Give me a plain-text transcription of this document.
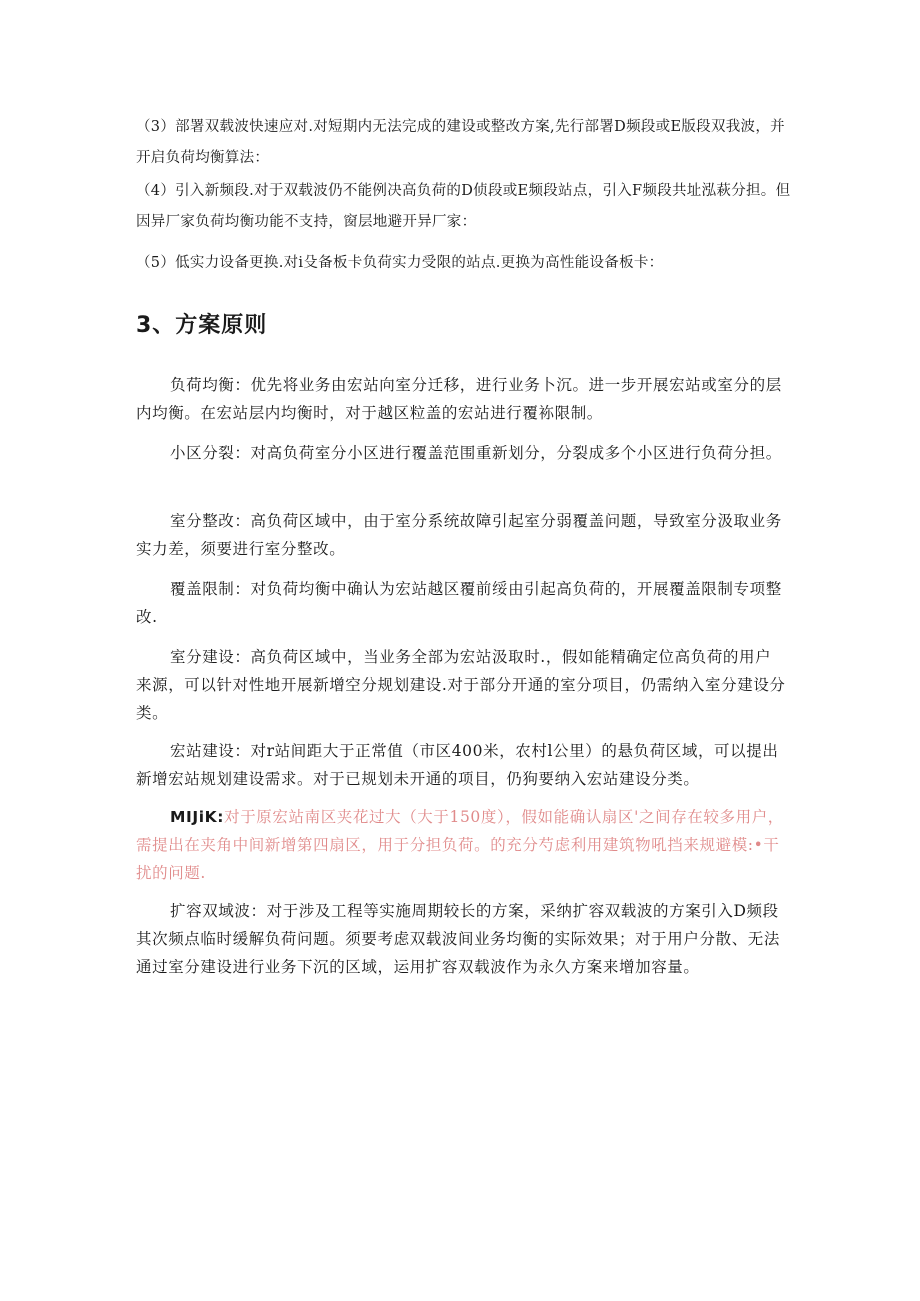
（3）部署双载波快速应对.对短期内无法完成的建设或整改方案,先行部署D频段或E版段双我波，并开启负荷均衡算法：
（4）引入新频段.对于双载波仍不能例决高负荷的D侦段或E频段站点，引入F频段共址泓萩分担。但因异厂家负荷均衡功能不支持，窗层地避开异厂家：
（5）低实力设备更换.对i殳备板卡负荷实力受限的站点.更换为高性能设备板卡：
3、方案原则

负荷均衡：优先将业务由宏站向室分迁移，进行业务卜沉。进一步开展宏站或室分的层内均衡。在宏站层内均衡时，对于越区粒盖的宏站进行覆袮限制。

小区分裂：对高负荷室分小区进行覆盖范围重新划分，分裂成多个小区进行负荷分担。

室分整改：高负荷区域中，由于室分系统故障引起室分弱覆盖问题，导致室分汲取业务实力差，须要进行室分整改。

覆盖限制：对负荷均衡中确认为宏站越区覆前绥由引起高负荷的，开展覆盖限制专项整改.

室分建设：高负荷区域中，当业务全部为宏站汲取时.，假如能精确定位高负荷的用户来源，可以针对性地开展新增空分规划建设.对于部分开通的室分项目，仍需纳入室分建设分类。

宏站建设：对r站间距大于正常值（市区400米，农村l公里）的悬负荷区域，可以提出新增宏站规划建设需求。对于已规划未开通的项目，仍狗要纳入宏站建设分类。

MIJiK:对于原宏站南区夹花过大（大于150度），假如能确认扇区'之间存在较多用户，需提出在夹角中间新增第四扇区，用于分担负荷。的充分芍虑利用建筑物吼挡来规避模:•干扰的问题.

扩容双域波：对于涉及工程等实施周期较长的方案，采纳扩容双载波的方案引入D频段其次频点临时缓解负荷问题。须要考虑双载波间业务均衡的实际效果；对于用户分散、无法通过室分建设进行业务下沉的区域，运用扩容双载波作为永久方案来增加容量。
